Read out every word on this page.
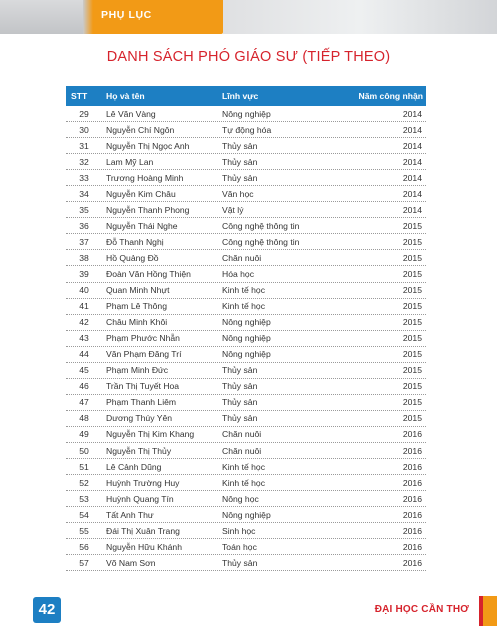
PHỤ LỤC
DANH SÁCH PHÓ GIÁO SƯ (TIẾP THEO)
STT	Họ và tên	Lĩnh vực	Năm công nhận
29	Lê Văn Vàng	Nông nghiệp	2014
30	Nguyễn Chí Ngôn	Tự động hóa	2014
31	Nguyễn Thị Ngọc Anh	Thủy sản	2014
32	Lam Mỹ Lan	Thủy sản	2014
33	Trương Hoàng Minh	Thủy sản	2014
34	Nguyễn Kim Châu	Văn học	2014
35	Nguyễn Thanh Phong	Vật lý	2014
36	Nguyễn Thái Nghe	Công nghệ thông tin	2015
37	Đỗ Thanh Nghị	Công nghệ thông tin	2015
38	Hồ Quảng Đồ	Chăn nuôi	2015
39	Đoàn Văn Hồng Thiện	Hóa học	2015
40	Quan Minh Nhựt	Kinh tế học	2015
41	Phạm Lê Thông	Kinh tế học	2015
42	Châu Minh Khôi	Nông nghiệp	2015
43	Phạm Phước Nhẫn	Nông nghiệp	2015
44	Văn Phạm Đăng Trí	Nông nghiệp	2015
45	Phạm Minh Đức	Thủy sản	2015
46	Trần Thị Tuyết Hoa	Thủy sản	2015
47	Phạm Thanh Liêm	Thủy sản	2015
48	Dương Thúy Yên	Thủy sản	2015
49	Nguyễn Thị Kim Khang	Chăn nuôi	2016
50	Nguyễn Thị Thủy	Chăn nuôi	2016
51	Lê Cảnh Dũng	Kinh tế học	2016
52	Huỳnh Trường Huy	Kinh tế học	2016
53	Huỳnh Quang Tín	Nông học	2016
54	Tất Anh Thư	Nông nghiệp	2016
55	Đái Thị Xuân Trang	Sinh học	2016
56	Nguyễn Hữu Khánh	Toán học	2016
57	Võ Nam Sơn	Thủy sản	2016
42	ĐẠI HỌC CẦN THƠ
